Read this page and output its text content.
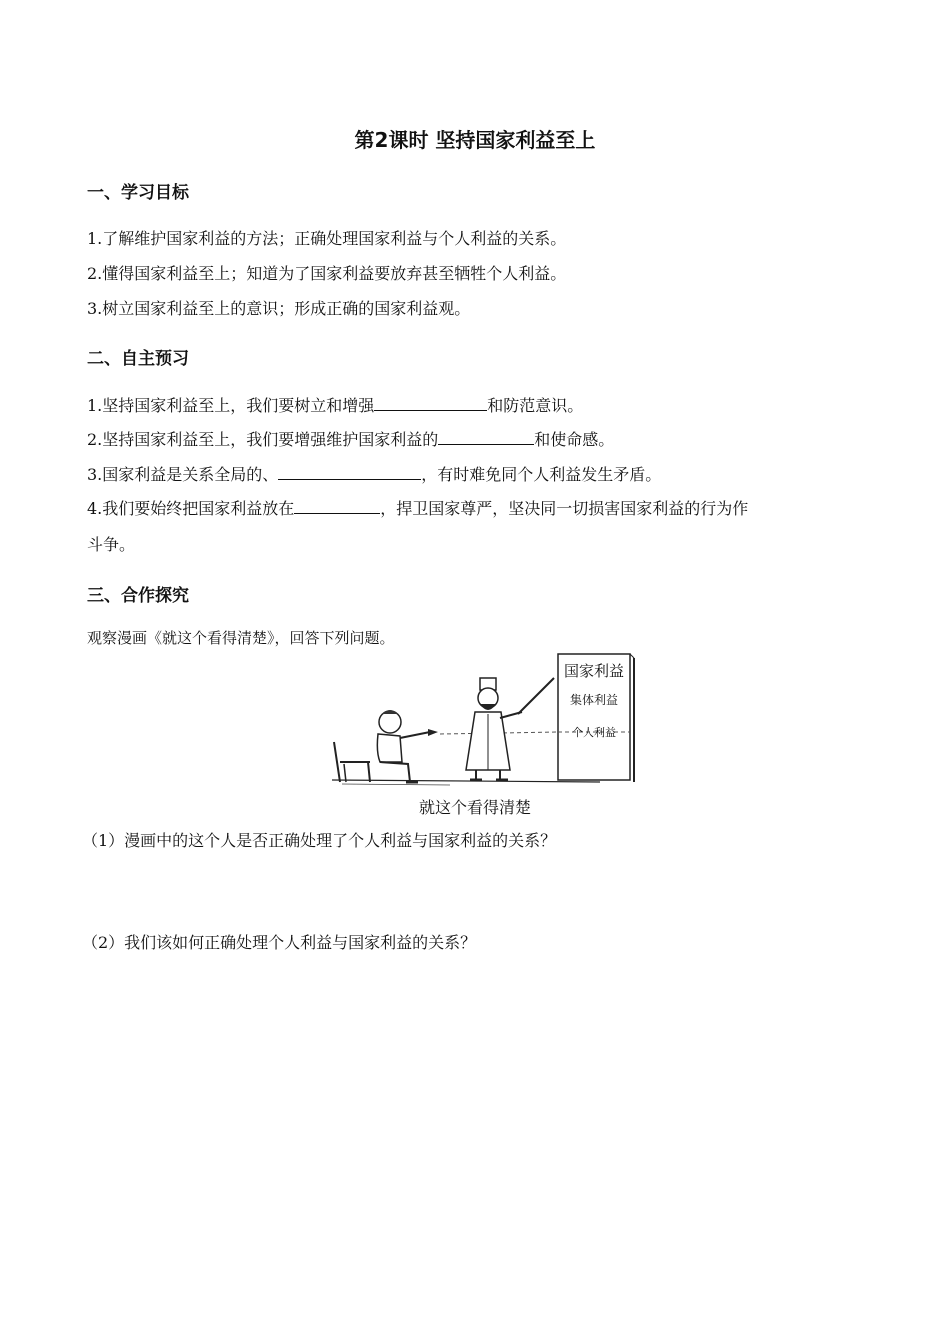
第2课时 坚持国家利益至上
一、学习目标
1.了解维护国家利益的方法；正确处理国家利益与个人利益的关系。
2.懂得国家利益至上；知道为了国家利益要放弃甚至牺牲个人利益。
3.树立国家利益至上的意识；形成正确的国家利益观。
二、自主预习
1.坚持国家利益至上，我们要树立和增强	和防范意识。
2.坚持国家利益至上，我们要增强维护国家利益的	和使命感。
3.国家利益是关系全局的、	，有时难免同个人利益发生矛盾。
4.我们要始终把国家利益放在	，捍卫国家尊严，坚决同一切损害国家利益的行为作
斗争。
三、合作探究
观察漫画《就这个看得清楚》，回答下列问题。
国家利益
集体利益
个人利益
就这个看得清楚
（1）漫画中的这个人是否正确处理了个人利益与国家利益的关系？
（2）我们该如何正确处理个人利益与国家利益的关系？
